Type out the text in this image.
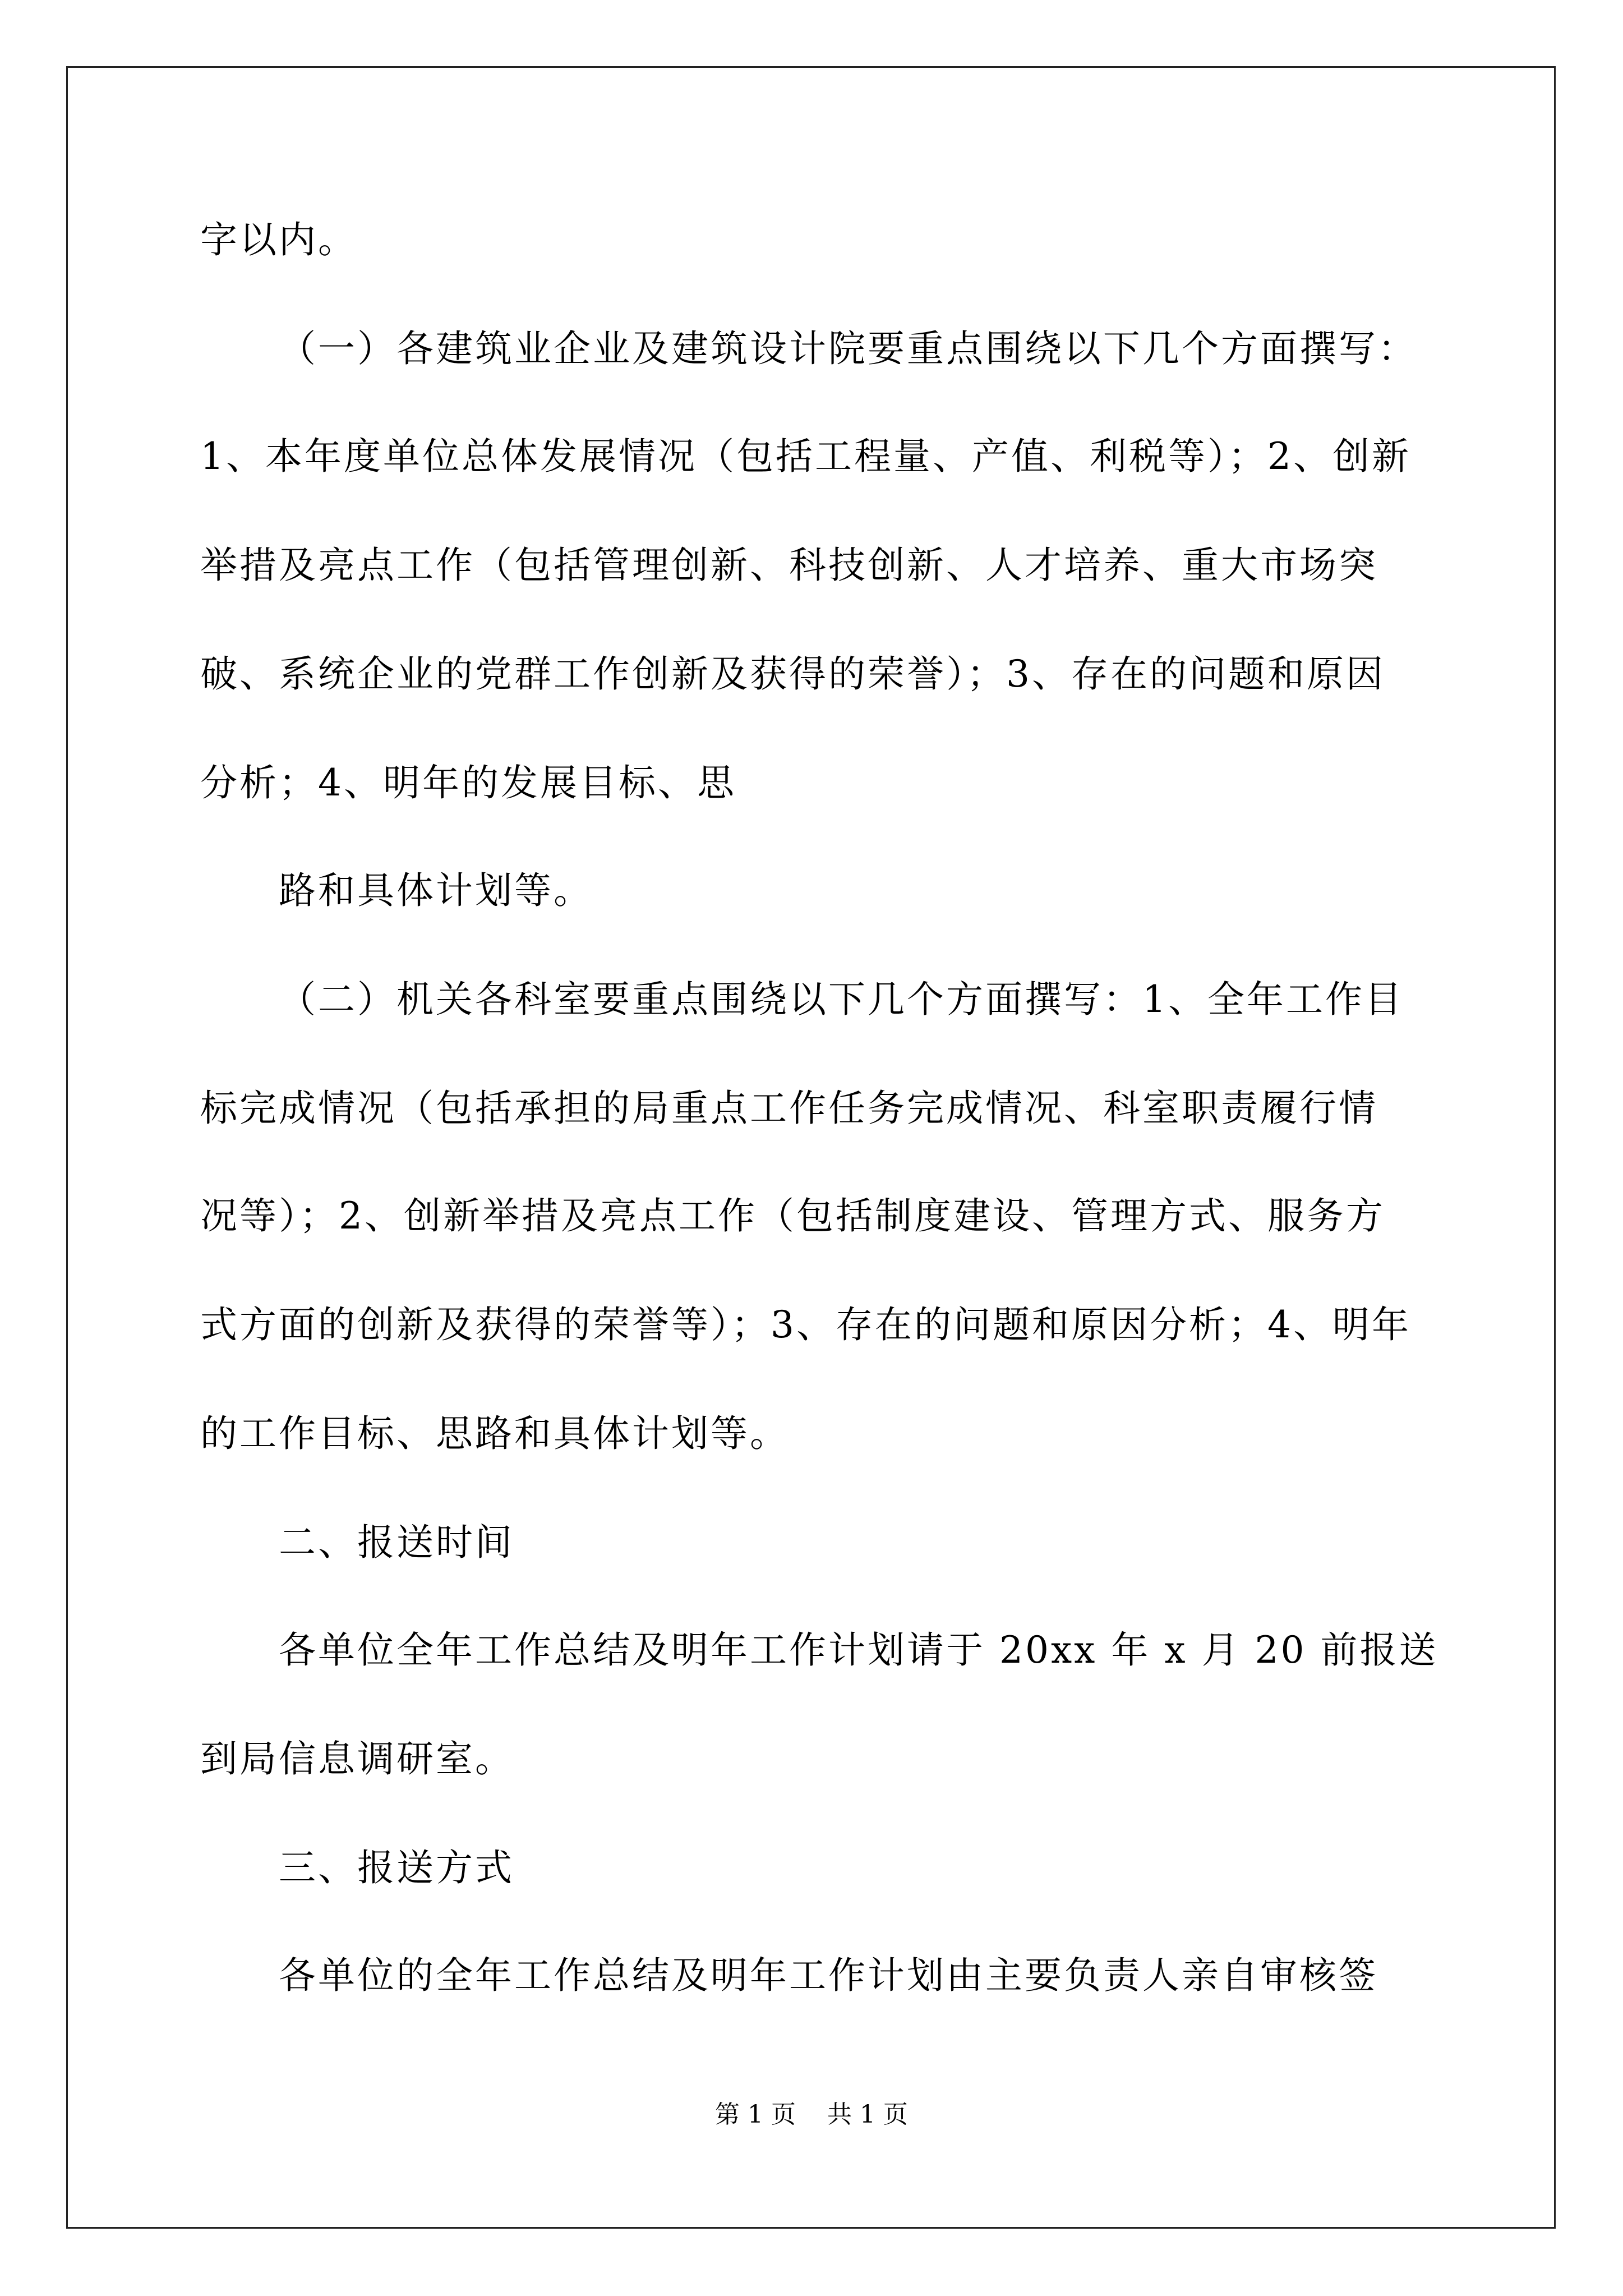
字以内。
（一）各建筑业企业及建筑设计院要重点围绕以下几个方面撰写：
1、本年度单位总体发展情况（包括工程量、产值、利税等）；2、创新
举措及亮点工作（包括管理创新、科技创新、人才培养、重大市场突
破、系统企业的党群工作创新及获得的荣誉）；3、存在的问题和原因
分析；4、明年的发展目标、思
路和具体计划等。
（二）机关各科室要重点围绕以下几个方面撰写：1、全年工作目
标完成情况（包括承担的局重点工作任务完成情况、科室职责履行情
况等）；2、创新举措及亮点工作（包括制度建设、管理方式、服务方
式方面的创新及获得的荣誉等）；3、存在的问题和原因分析；4、明年
的工作目标、思路和具体计划等。
二、报送时间
各单位全年工作总结及明年工作计划请于 20xx 年 x 月 20 前报送
到局信息调研室。
三、报送方式
各单位的全年工作总结及明年工作计划由主要负责人亲自审核签
第 1 页    共 1 页
